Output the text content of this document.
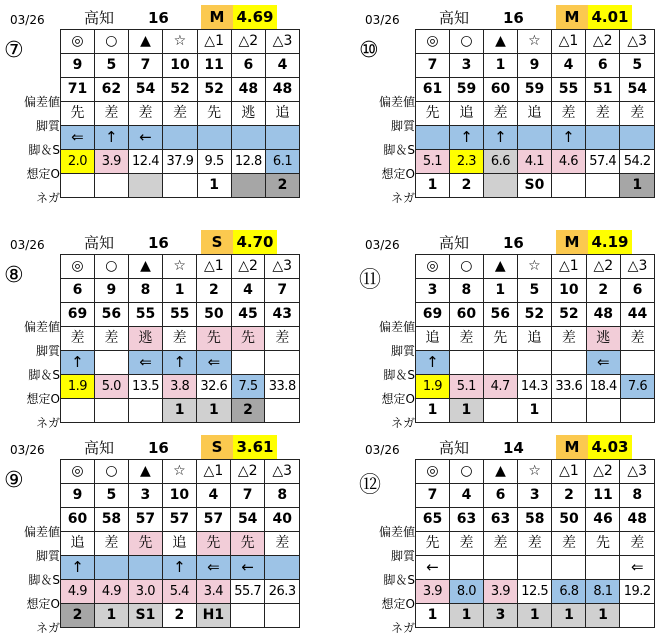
03/26	高知 16	M 4.69
⑦
偏差値
脚質
脚＆S
想定O
ネガ
◎	○	▲	☆	△1	△2	△3
9	5	7	10	11	6	4
71	62	54	52	52	48	48
先	差	差	差	先	逃	追
⇐	↑	←				
2.0	3.9	12.4	37.9	9.5	12.8	6.1
				1		2
03/26	高知 16	M 4.01
⑩
偏差値
脚質
脚＆S
想定O
ネガ
◎	○	▲	☆	△1	△2	△3
7	3	1	9	4	6	5
61	59	60	59	55	51	54
先	追	差	追	差	差	差
	↑	↑		↑		
5.1	2.3	6.6	4.1	4.6	57.4	54.2
1	2		S0			1
03/26	高知 16	S 4.70
⑧
偏差値
脚質
脚＆S
想定O
ネガ
◎	○	▲	☆	△1	△2	△3
6	9	8	1	2	4	7
69	56	55	55	50	45	43
差	差	逃	差	先	先	差
↑		⇐	↑	⇐		
1.9	5.0	13.5	3.8	32.6	7.5	33.8
			1	1	2	
03/26	高知 16	M 4.19
⑪
偏差値
脚質
脚＆S
想定O
ネガ
◎	○	▲	☆	△1	△2	△3
3	8	1	5	10	2	6
69	60	56	52	52	48	44
追	差	先	追	差	逃	差
↑					⇐	
1.9	5.1	4.7	14.3	33.6	18.4	7.6
1	1		1			
03/26	高知 16	S 3.61
⑨
偏差値
脚質
脚＆S
想定O
ネガ
◎	○	▲	☆	△1	△2	△3
9	5	3	10	4	7	8
60	58	57	57	57	54	40
追	差	先	追	先	先	差
↑			↑	⇐	←	
4.9	4.9	3.0	5.4	3.4	55.7	26.3
2	1	S1	2	H1		
03/26	高知 14	M 4.03
⑫
偏差値
脚質
脚＆S
想定O
ネガ
◎	○	▲	☆	△1	△2	△3
7	4	6	3	2	11	8
65	63	63	58	50	46	48
先	差	差	差	差	先	差
←						⇐
3.9	8.0	3.9	12.5	6.8	8.1	19.2
1	1	3	1	1	1	
